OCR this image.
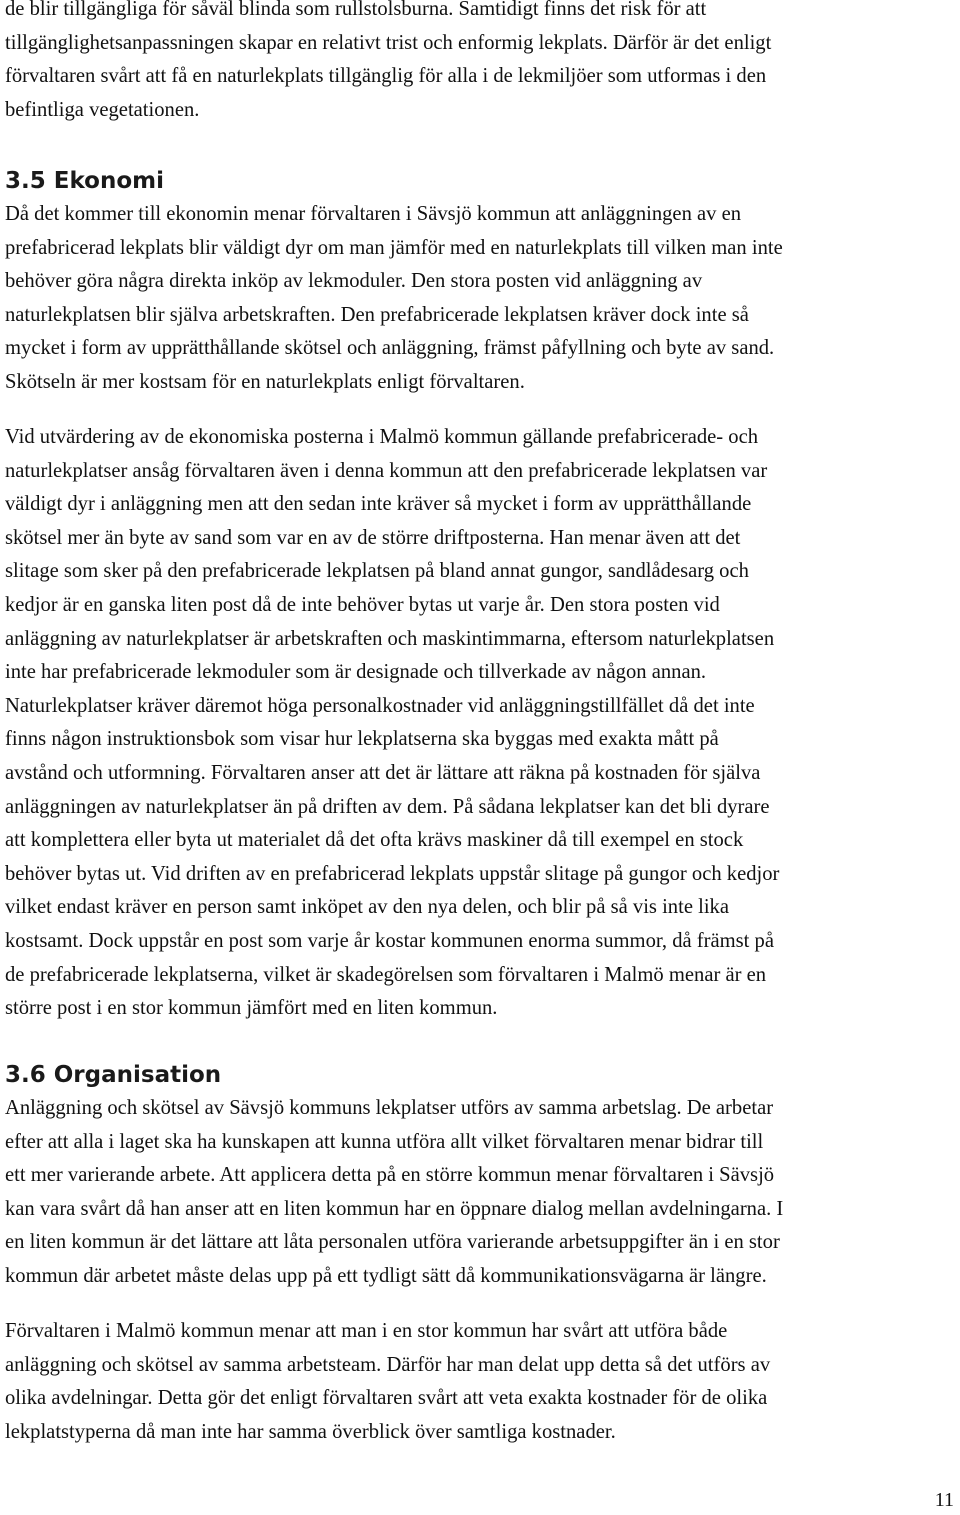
de blir tillgängliga för såväl blinda som rullstolsburna. Samtidigt finns det risk för att
tillgänglighetsanpassningen skapar en relativt trist och enformig lekplats. Därför är det enligt
förvaltaren svårt att få en naturlekplats tillgänglig för alla i de lekmiljöer som utformas i den
befintliga vegetationen.
3.5 Ekonomi
Då det kommer till ekonomin menar förvaltaren i Sävsjö kommun att anläggningen av en
prefabricerad lekplats blir väldigt dyr om man jämför med en naturlekplats till vilken man inte
behöver göra några direkta inköp av lekmoduler. Den stora posten vid anläggning av
naturlekplatsen blir själva arbetskraften. Den prefabricerade lekplatsen kräver dock inte så
mycket i form av upprätthållande skötsel och anläggning, främst påfyllning och byte av sand.
Skötseln är mer kostsam för en naturlekplats enligt förvaltaren.
Vid utvärdering av de ekonomiska posterna i Malmö kommun gällande prefabricerade- och
naturlekplatser ansåg förvaltaren även i denna kommun att den prefabricerade lekplatsen var
väldigt dyr i anläggning men att den sedan inte kräver så mycket i form av upprätthållande
skötsel mer än byte av sand som var en av de större driftposterna. Han menar även att det
slitage som sker på den prefabricerade lekplatsen på bland annat gungor, sandlådesarg och
kedjor är en ganska liten post då de inte behöver bytas ut varje år. Den stora posten vid
anläggning av naturlekplatser är arbetskraften och maskintimmarna, eftersom naturlekplatsen
inte har prefabricerade lekmoduler som är designade och tillverkade av någon annan.
Naturlekplatser kräver däremot höga personalkostnader vid anläggningstillfället då det inte
finns någon instruktionsbok som visar hur lekplatserna ska byggas med exakta mått på
avstånd och utformning. Förvaltaren anser att det är lättare att räkna på kostnaden för själva
anläggningen av naturlekplatser än på driften av dem. På sådana lekplatser kan det bli dyrare
att komplettera eller byta ut materialet då det ofta krävs maskiner då till exempel en stock
behöver bytas ut. Vid driften av en prefabricerad lekplats uppstår slitage på gungor och kedjor
vilket endast kräver en person samt inköpet av den nya delen, och blir på så vis inte lika
kostsamt. Dock uppstår en post som varje år kostar kommunen enorma summor, då främst på
de prefabricerade lekplatserna, vilket är skadegörelsen som förvaltaren i Malmö menar är en
större post i en stor kommun jämfört med en liten kommun.
3.6 Organisation
Anläggning och skötsel av Sävsjö kommuns lekplatser utförs av samma arbetslag. De arbetar
efter att alla i laget ska ha kunskapen att kunna utföra allt vilket förvaltaren menar bidrar till
ett mer varierande arbete. Att applicera detta på en större kommun menar förvaltaren i Sävsjö
kan vara svårt då han anser att en liten kommun har en öppnare dialog mellan avdelningarna. I
en liten kommun är det lättare att låta personalen utföra varierande arbetsuppgifter än i en stor
kommun där arbetet måste delas upp på ett tydligt sätt då kommunikationsvägarna är längre.
Förvaltaren i Malmö kommun menar att man i en stor kommun har svårt att utföra både
anläggning och skötsel av samma arbetsteam. Därför har man delat upp detta så det utförs av
olika avdelningar. Detta gör det enligt förvaltaren svårt att veta exakta kostnader för de olika
lekplatstyperna då man inte har samma överblick över samtliga kostnader.
11
